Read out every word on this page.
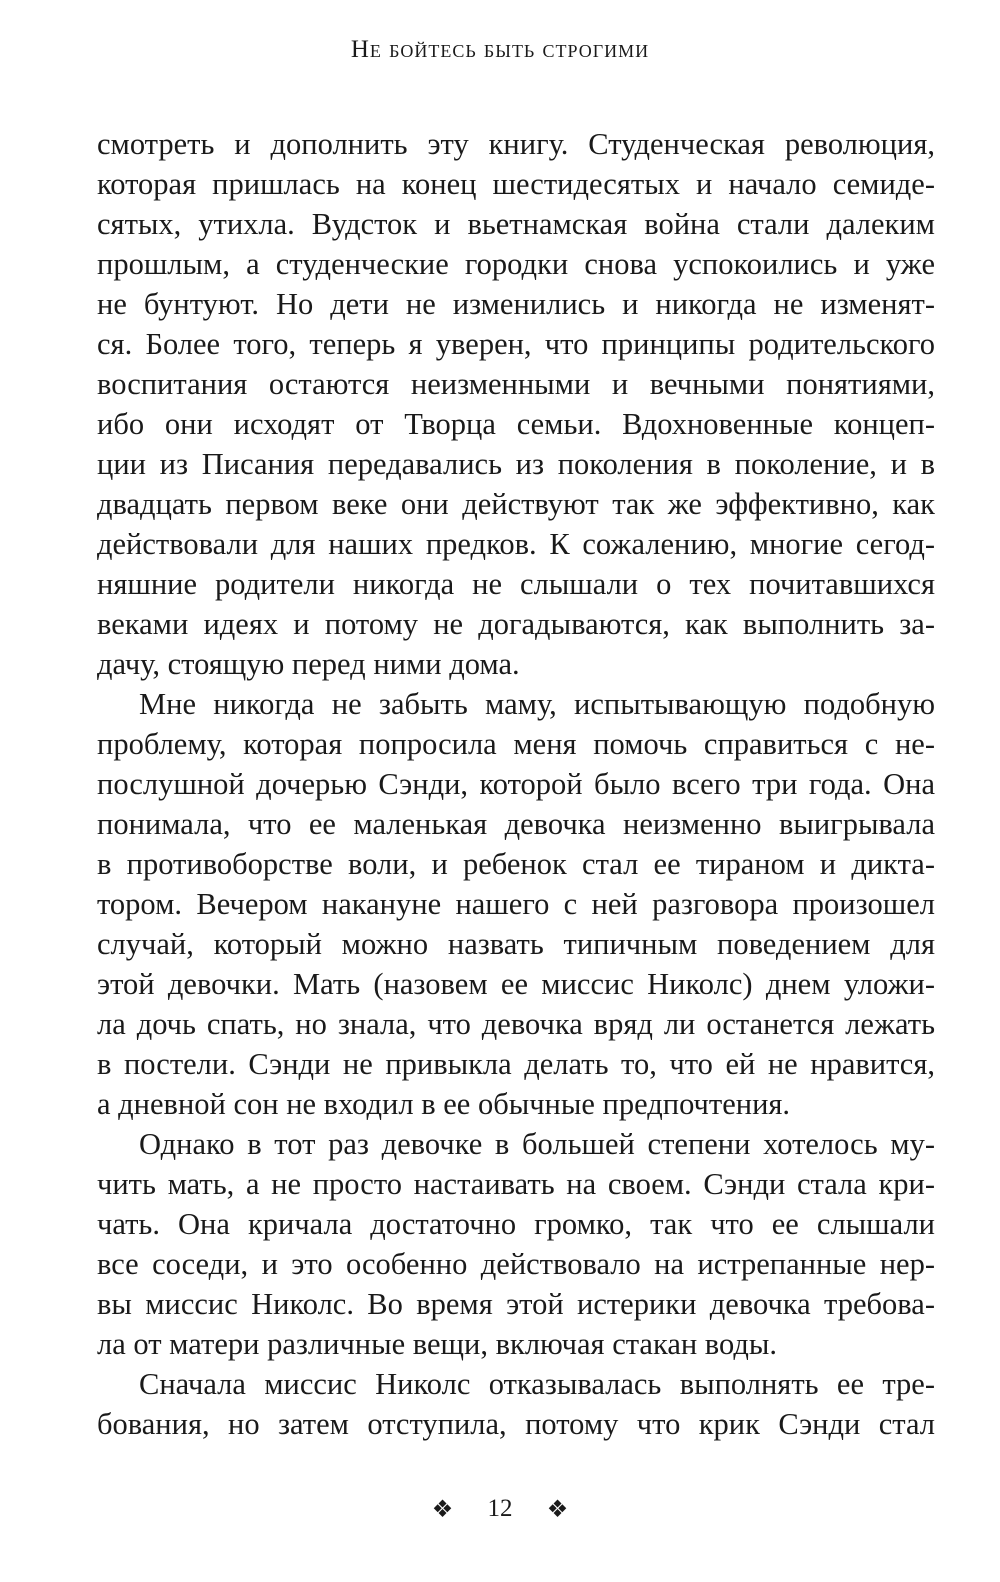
Не бойтесь быть строгими
смотреть и дополнить эту книгу. Студенческая революция,
которая пришлась на конец шестидесятых и начало семиде-
сятых, утихла. Вудсток и вьетнамская война стали далеким
прошлым, а студенческие городки снова успокоились и уже
не бунтуют. Но дети не изменились и никогда не изменят-
ся. Более того, теперь я уверен, что принципы родительского
воспитания остаются неизменными и вечными понятиями,
ибо они исходят от Творца семьи. Вдохновенные концеп-
ции из Писания передавались из поколения в поколение, и в
двадцать первом веке они действуют так же эффективно, как
действовали для наших предков. К сожалению, многие сегод-
няшние родители никогда не слышали о тех почитавшихся
веками идеях и потому не догадываются, как выполнить за-
дачу, стоящую перед ними дома.
Мне никогда не забыть маму, испытывающую подобную
проблему, которая попросила меня помочь справиться с не-
послушной дочерью Сэнди, которой было всего три года. Она
понимала, что ее маленькая девочка неизменно выигрывала
в противоборстве воли, и ребенок стал ее тираном и дикта-
тором. Вечером накануне нашего с ней разговора произошел
случай, который можно назвать типичным поведением для
этой девочки. Мать (назовем ее миссис Николс) днем уложи-
ла дочь спать, но знала, что девочка вряд ли останется лежать
в постели. Сэнди не привыкла делать то, что ей не нравится,
а дневной сон не входил в ее обычные предпочтения.
Однако в тот раз девочке в большей степени хотелось му-
чить мать, а не просто настаивать на своем. Сэнди стала кри-
чать. Она кричала достаточно громко, так что ее слышали
все соседи, и это особенно действовало на истрепанные нер-
вы миссис Николс. Во время этой истерики девочка требова-
ла от матери различные вещи, включая стакан воды.
Сначала миссис Николс отказывалась выполнять ее тре-
бования, но затем отступила, потому что крик Сэнди стал
❖ 12 ❖
